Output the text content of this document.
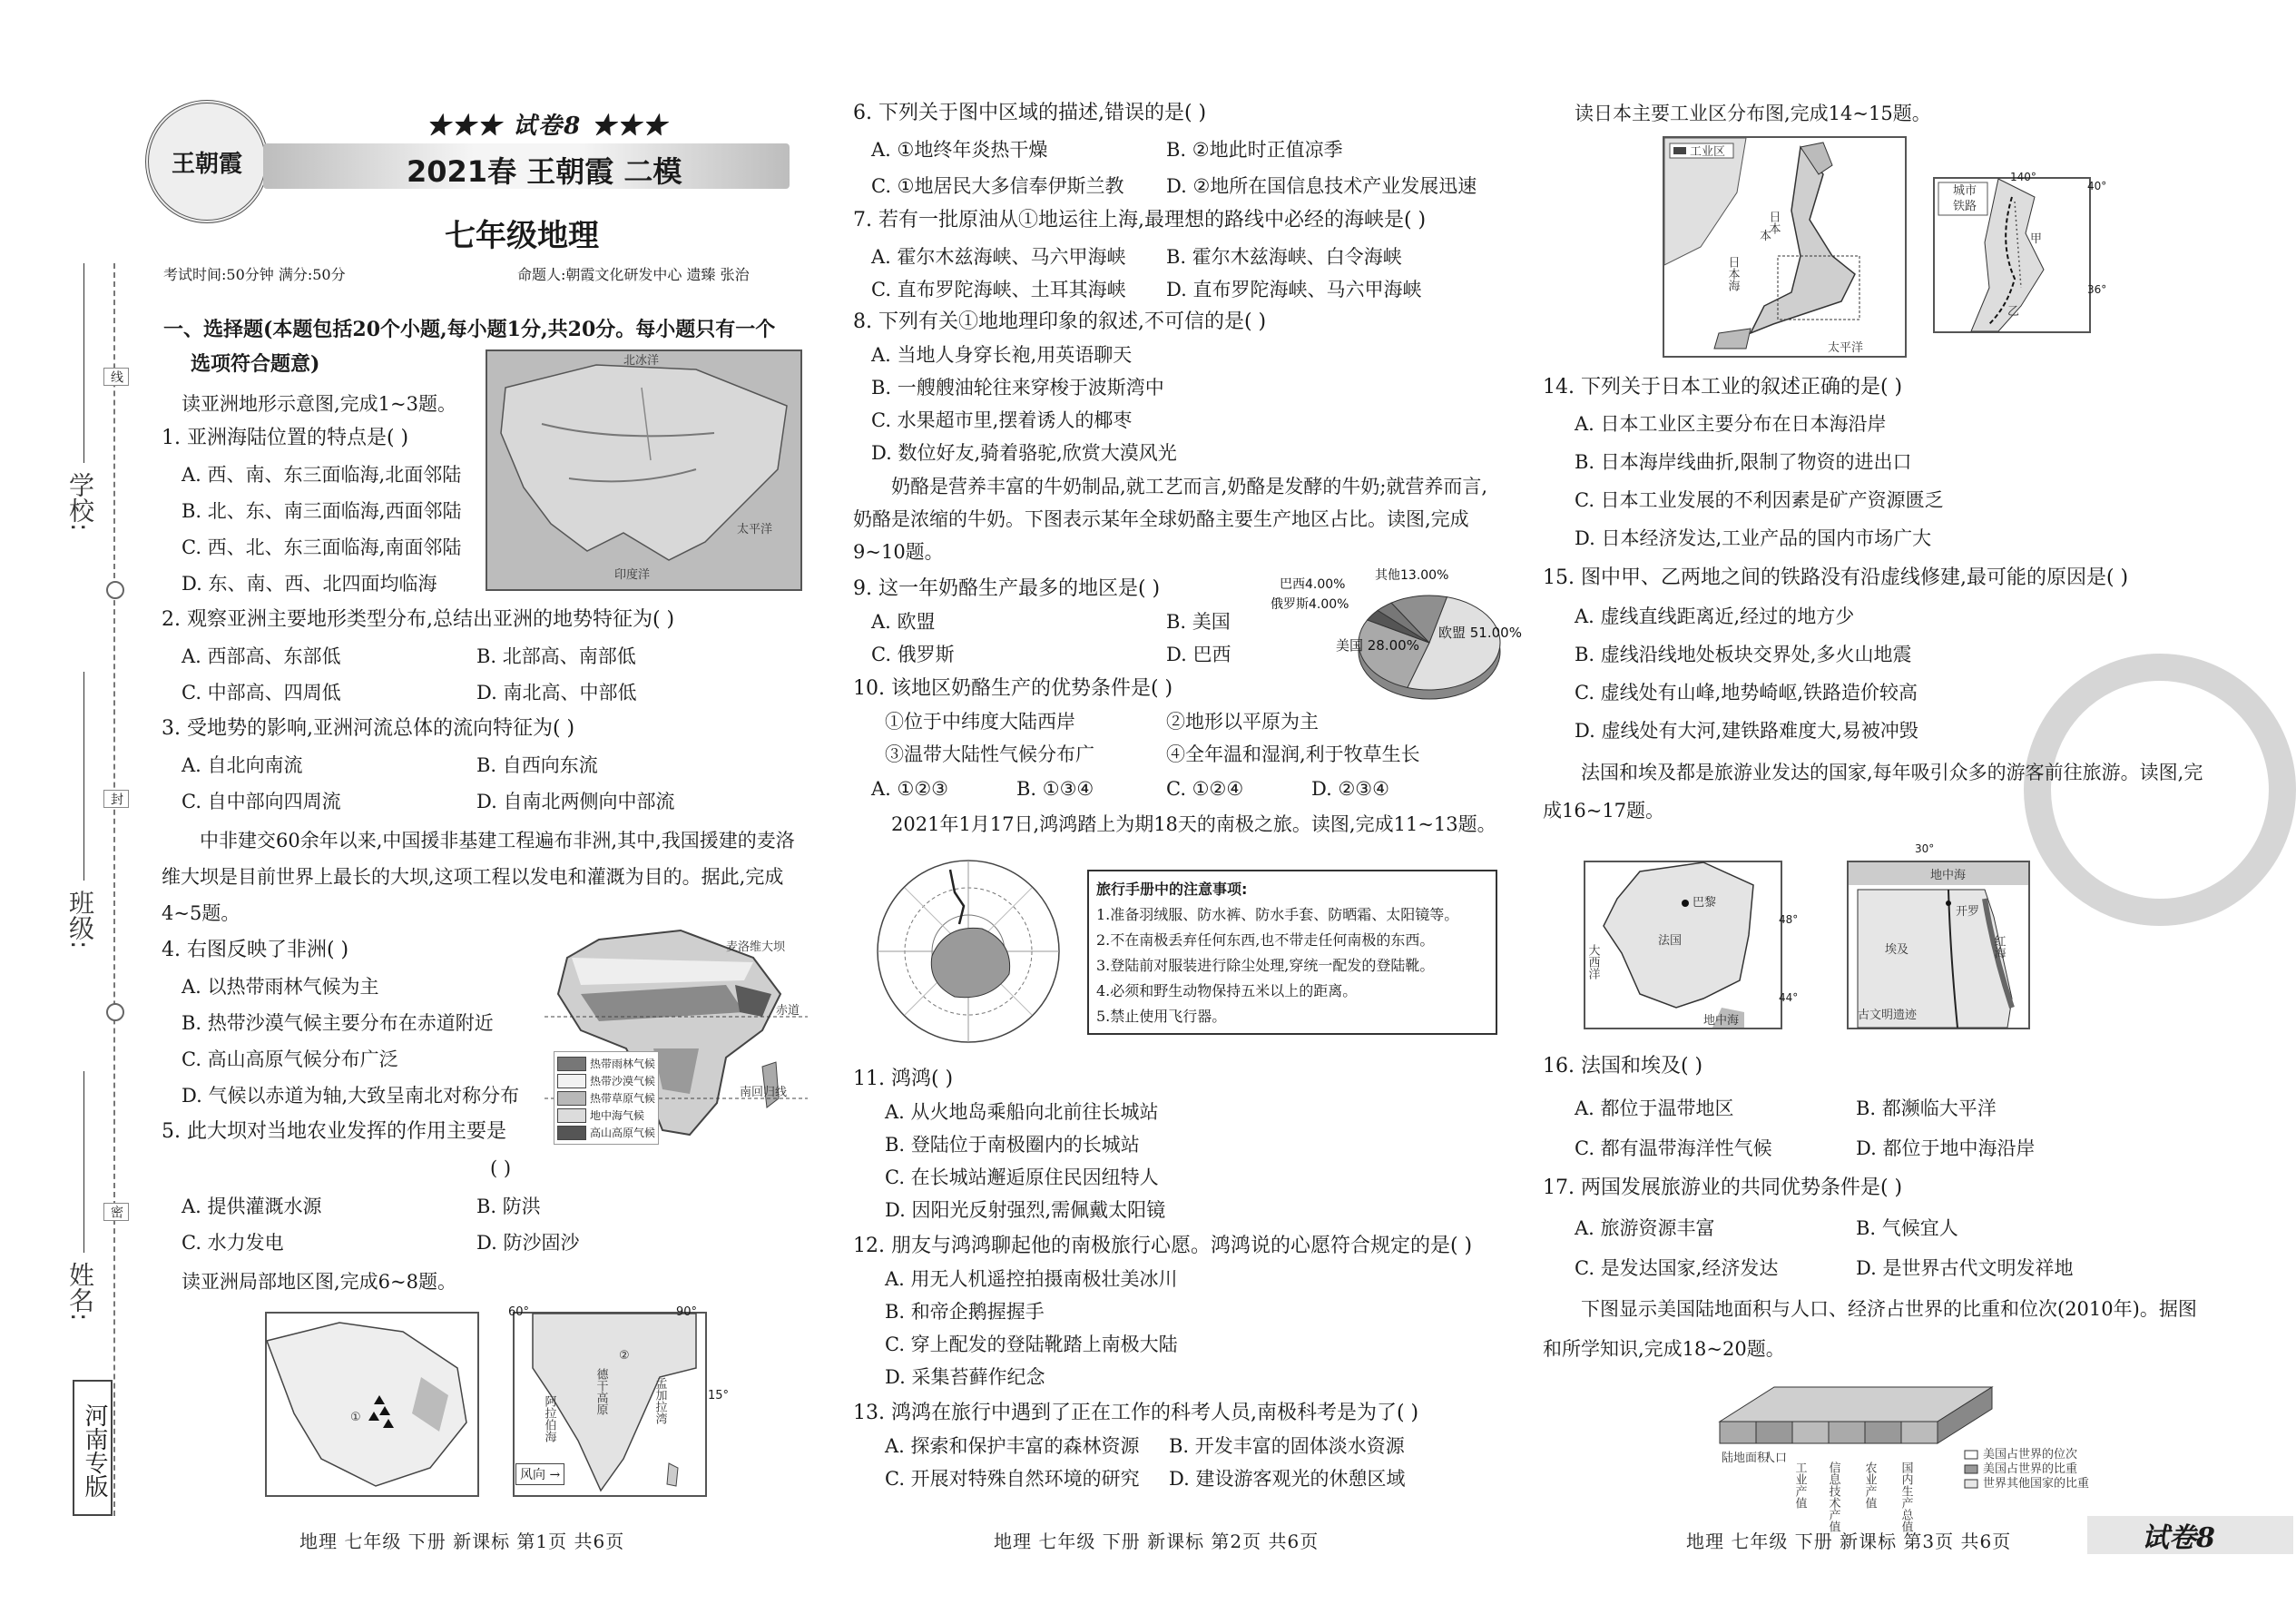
学校:
班级:
姓名:
线
封
密
河南专版
王朝霞
★★★ 试卷8 ★★★
2021春 王朝霞 二模
七年级地理
考试时间:50分钟 满分:50分	命题人:朝霞文化研发中心 遗臻 张治
一、选择题(本题包括20个小题,每小题1分,共20分。每小题只有一个
选项符合题意)	北冰洋
太平洋
印度洋
读亚洲地形示意图,完成1~3题。
1. 亚洲海陆位置的特点是( )
A. 西、南、东三面临海,北面邻陆
B. 北、东、南三面临海,西面邻陆
C. 西、北、东三面临海,南面邻陆
D. 东、南、西、北四面均临海
2. 观察亚洲主要地形类型分布,总结出亚洲的地势特征为( )
A. 西部高、东部低	B. 北部高、南部低
C. 中部高、四周低	D. 南北高、中部低
3. 受地势的影响,亚洲河流总体的流向特征为( )
A. 自北向南流	B. 自西向东流
C. 自中部向四周流	D. 自南北两侧向中部流
中非建交60余年以来,中国援非基建工程遍布非洲,其中,我国援建的麦洛维大坝是目前世界上最长的大坝,这项工程以发电和灌溉为目的。据此,完成4~5题。
麦洛维大坝
赤道
南回归线
热带雨林气候
热带沙漠气候
热带草原气候
地中海气候
高山高原气候
4. 右图反映了非洲( )
A. 以热带雨林气候为主
B. 热带沙漠气候主要分布在赤道附近
C. 高山高原气候分布广泛
D. 气候以赤道为轴,大致呈南北对称分布
5. 此大坝对当地农业发挥的作用主要是
( )
A. 提供灌溉水源	B. 防洪
C. 水力发电	D. 防沙固沙
读亚洲局部地区图,完成6~8题。
①	阿拉伯海
德干高原	孟加拉湾
②
60°	90°
15°
风向 →
地理 七年级 下册 新课标 第1页 共6页
6. 下列关于图中区域的描述,错误的是( )
A. ①地终年炎热干燥	B. ②地此时正值凉季
C. ①地居民大多信奉伊斯兰教 D. ②地所在国信息技术产业发展迅速
7. 若有一批原油从①地运往上海,最理想的路线中必经的海峡是( )
A. 霍尔木兹海峡、马六甲海峡 B. 霍尔木兹海峡、白令海峡
C. 直布罗陀海峡、土耳其海峡 D. 直布罗陀海峡、马六甲海峡
8. 下列有关①地地理印象的叙述,不可信的是( )
A. 当地人身穿长袍,用英语聊天
B. 一艘艘油轮往来穿梭于波斯湾中
C. 水果超市里,摆着诱人的椰枣
D. 数位好友,骑着骆驼,欣赏大漠风光
奶酪是营养丰富的牛奶制品,就工艺而言,奶酪是发酵的牛奶;就营养而言,奶酪是浓缩的牛奶。下图表示某年全球奶酪主要生产地区占比。读图,完成9~10题。
9. 这一年奶酪生产最多的地区是( )
A. 欧盟	B. 美国
C. 俄罗斯	D. 巴西
欧盟 51.00%
美国 28.00%
巴西4.00%
俄罗斯4.00%
其他13.00%
10. 该地区奶酪生产的优势条件是( )
①位于中纬度大陆西岸	②地形以平原为主
③温带大陆性气候分布广	④全年温和湿润,利于牧草生长
A. ①②③	B. ①③④	C. ①②④	D. ②③④
2021年1月17日,鸿鸿踏上为期18天的南极之旅。读图,完成11~13题。
旅行手册中的注意事项:
1.准备羽绒服、防水裤、防水手套、防晒霜、太阳镜等。
2.不在南极丢弃任何东西,也不带走任何南极的东西。
3.登陆前对服装进行除尘处理,穿统一配发的登陆靴。
4.必须和野生动物保持五米以上的距离。
5.禁止使用飞行器。
11. 鸿鸿( )
A. 从火地岛乘船向北前往长城站
B. 登陆位于南极圈内的长城站
C. 在长城站邂逅原住民因纽特人
D. 因阳光反射强烈,需佩戴太阳镜
12. 朋友与鸿鸿聊起他的南极旅行心愿。鸿鸿说的心愿符合规定的是( )
A. 用无人机遥控拍摄南极壮美冰川
B. 和帝企鹅握握手
C. 穿上配发的登陆靴踏上南极大陆
D. 采集苔藓作纪念
13. 鸿鸿在旅行中遇到了正在工作的科考人员,南极科考是为了( )
A. 探索和保护丰富的森林资源 B. 开发丰富的固体淡水资源
C. 开展对特殊自然环境的研究 D. 建设游客观光的休憩区域
地理 七年级 下册 新课标 第2页 共6页
读日本主要工业区分布图,完成14~15题。
工业区
本
日本
日本海
太平洋
城市
铁路
甲
乙
40°
36°
140°
14. 下列关于日本工业的叙述正确的是( )
A. 日本工业区主要分布在日本海沿岸
B. 日本海岸线曲折,限制了物资的进出口
C. 日本工业发展的不利因素是矿产资源匮乏
D. 日本经济发达,工业产品的国内市场广大
15. 图中甲、乙两地之间的铁路没有沿虚线修建,最可能的原因是( )
A. 虚线直线距离近,经过的地方少
B. 虚线沿线地处板块交界处,多火山地震
C. 虚线处有山峰,地势崎岖,铁路造价较高
D. 虚线处有大河,建铁路难度大,易被冲毁
法国和埃及都是旅游业发达的国家,每年吸引众多的游客前往旅游。读图,完成16~17题。
巴黎
法国
大西洋
地中海
48°
44°
地中海
开罗
埃及	红海
古文明遗迹
30°
16. 法国和埃及( )
A. 都位于温带地区	B. 都濒临大平洋
C. 都有温带海洋性气候	D. 都位于地中海沿岸
17. 两国发展旅游业的共同优势条件是( )
A. 旅游资源丰富	B. 气候宜人
C. 是发达国家,经济发达	D. 是世界古代文明发祥地
下图显示美国陆地面积与人口、经济占世界的比重和位次(2010年)。据图和所学知识,完成18~20题。
陆地面积
人口
工业产值 信息技术产值 农业产值 国内生产总值
美国占世界的位次
美国占世界的比重
世界其他国家的比重
地理 七年级 下册 新课标 第3页 共6页	试卷8
